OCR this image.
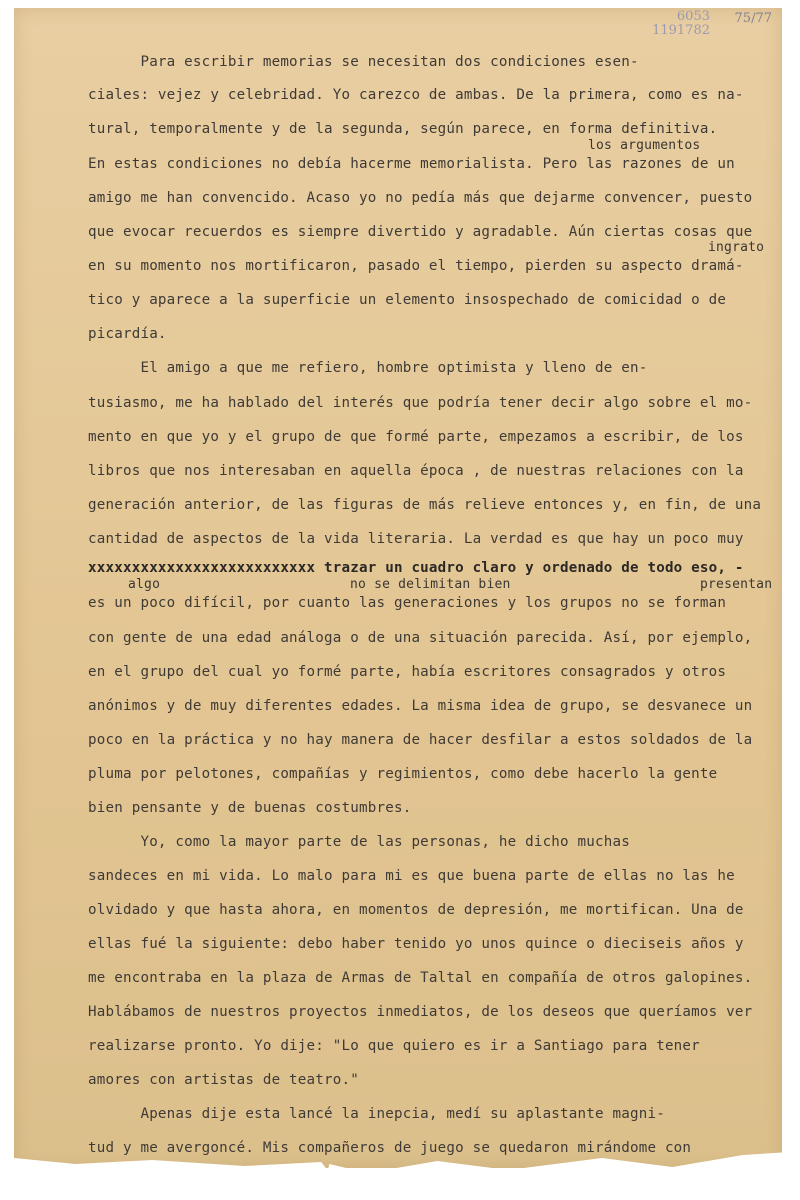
6053
1191782
75/77
Para escribir memorias se necesitan dos condiciones esen-
ciales: vejez y celebridad. Yo carezco de ambas. De la primera, como es na-
tural, temporalmente y de la segunda, según parece, en forma definitiva.
los argumentos
En estas condiciones no debía hacerme memorialista. Pero las razones de un
amigo me han convencido. Acaso yo no pedía más que dejarme convencer, puesto
que evocar recuerdos es siempre divertido y agradable. Aún ciertas cosas que
ingrato
en su momento nos mortificaron, pasado el tiempo, pierden su aspecto dramá-
tico y aparece a la superficie un elemento insospechado de comicidad o de
picardía.
El amigo a que me refiero, hombre optimista y lleno de en-
tusiasmo, me ha hablado del interés que podría tener decir algo sobre el mo-
mento en que yo y el grupo de que formé parte, empezamos a escribir, de los
libros que nos interesaban en aquella época , de nuestras relaciones con la
generación anterior, de las figuras de más relieve entonces y, en fin, de una
cantidad de aspectos de la vida literaria. La verdad es que hay un poco muy
xxxxxxxxxxxxxxxxxxxxxxxxxx trazar un cuadro claro y ordenado de todo eso, -
algo	no se delimitan bien	presentan
es un poco difícil, por cuanto las generaciones y los grupos no se forman
con gente de una edad análoga o de una situación parecida. Así, por ejemplo,
en el grupo del cual yo formé parte, había escritores consagrados y otros
anónimos y de muy diferentes edades. La misma idea de grupo, se desvanece un
poco en la práctica y no hay manera de hacer desfilar a estos soldados de la
pluma por pelotones, compañías y regimientos, como debe hacerlo la gente
bien pensante y de buenas costumbres.
Yo, como la mayor parte de las personas, he dicho muchas
sandeces en mi vida. Lo malo para mi es que buena parte de ellas no las he
olvidado y que hasta ahora, en momentos de depresión, me mortifican. Una de
ellas fué la siguiente: debo haber tenido yo unos quince o dieciseis años y
me encontraba en la plaza de Armas de Taltal en compañía de otros galopines.
Hablábamos de nuestros proyectos inmediatos, de los deseos que queríamos ver
realizarse pronto. Yo dije: "Lo que quiero es ir a Santiago para tener
amores con artistas de teatro."
Apenas dije esta lancé la inepcia, medí su aplastante magni-
tud y me avergoncé. Mis compañeros de juego se quedaron mirándome con
